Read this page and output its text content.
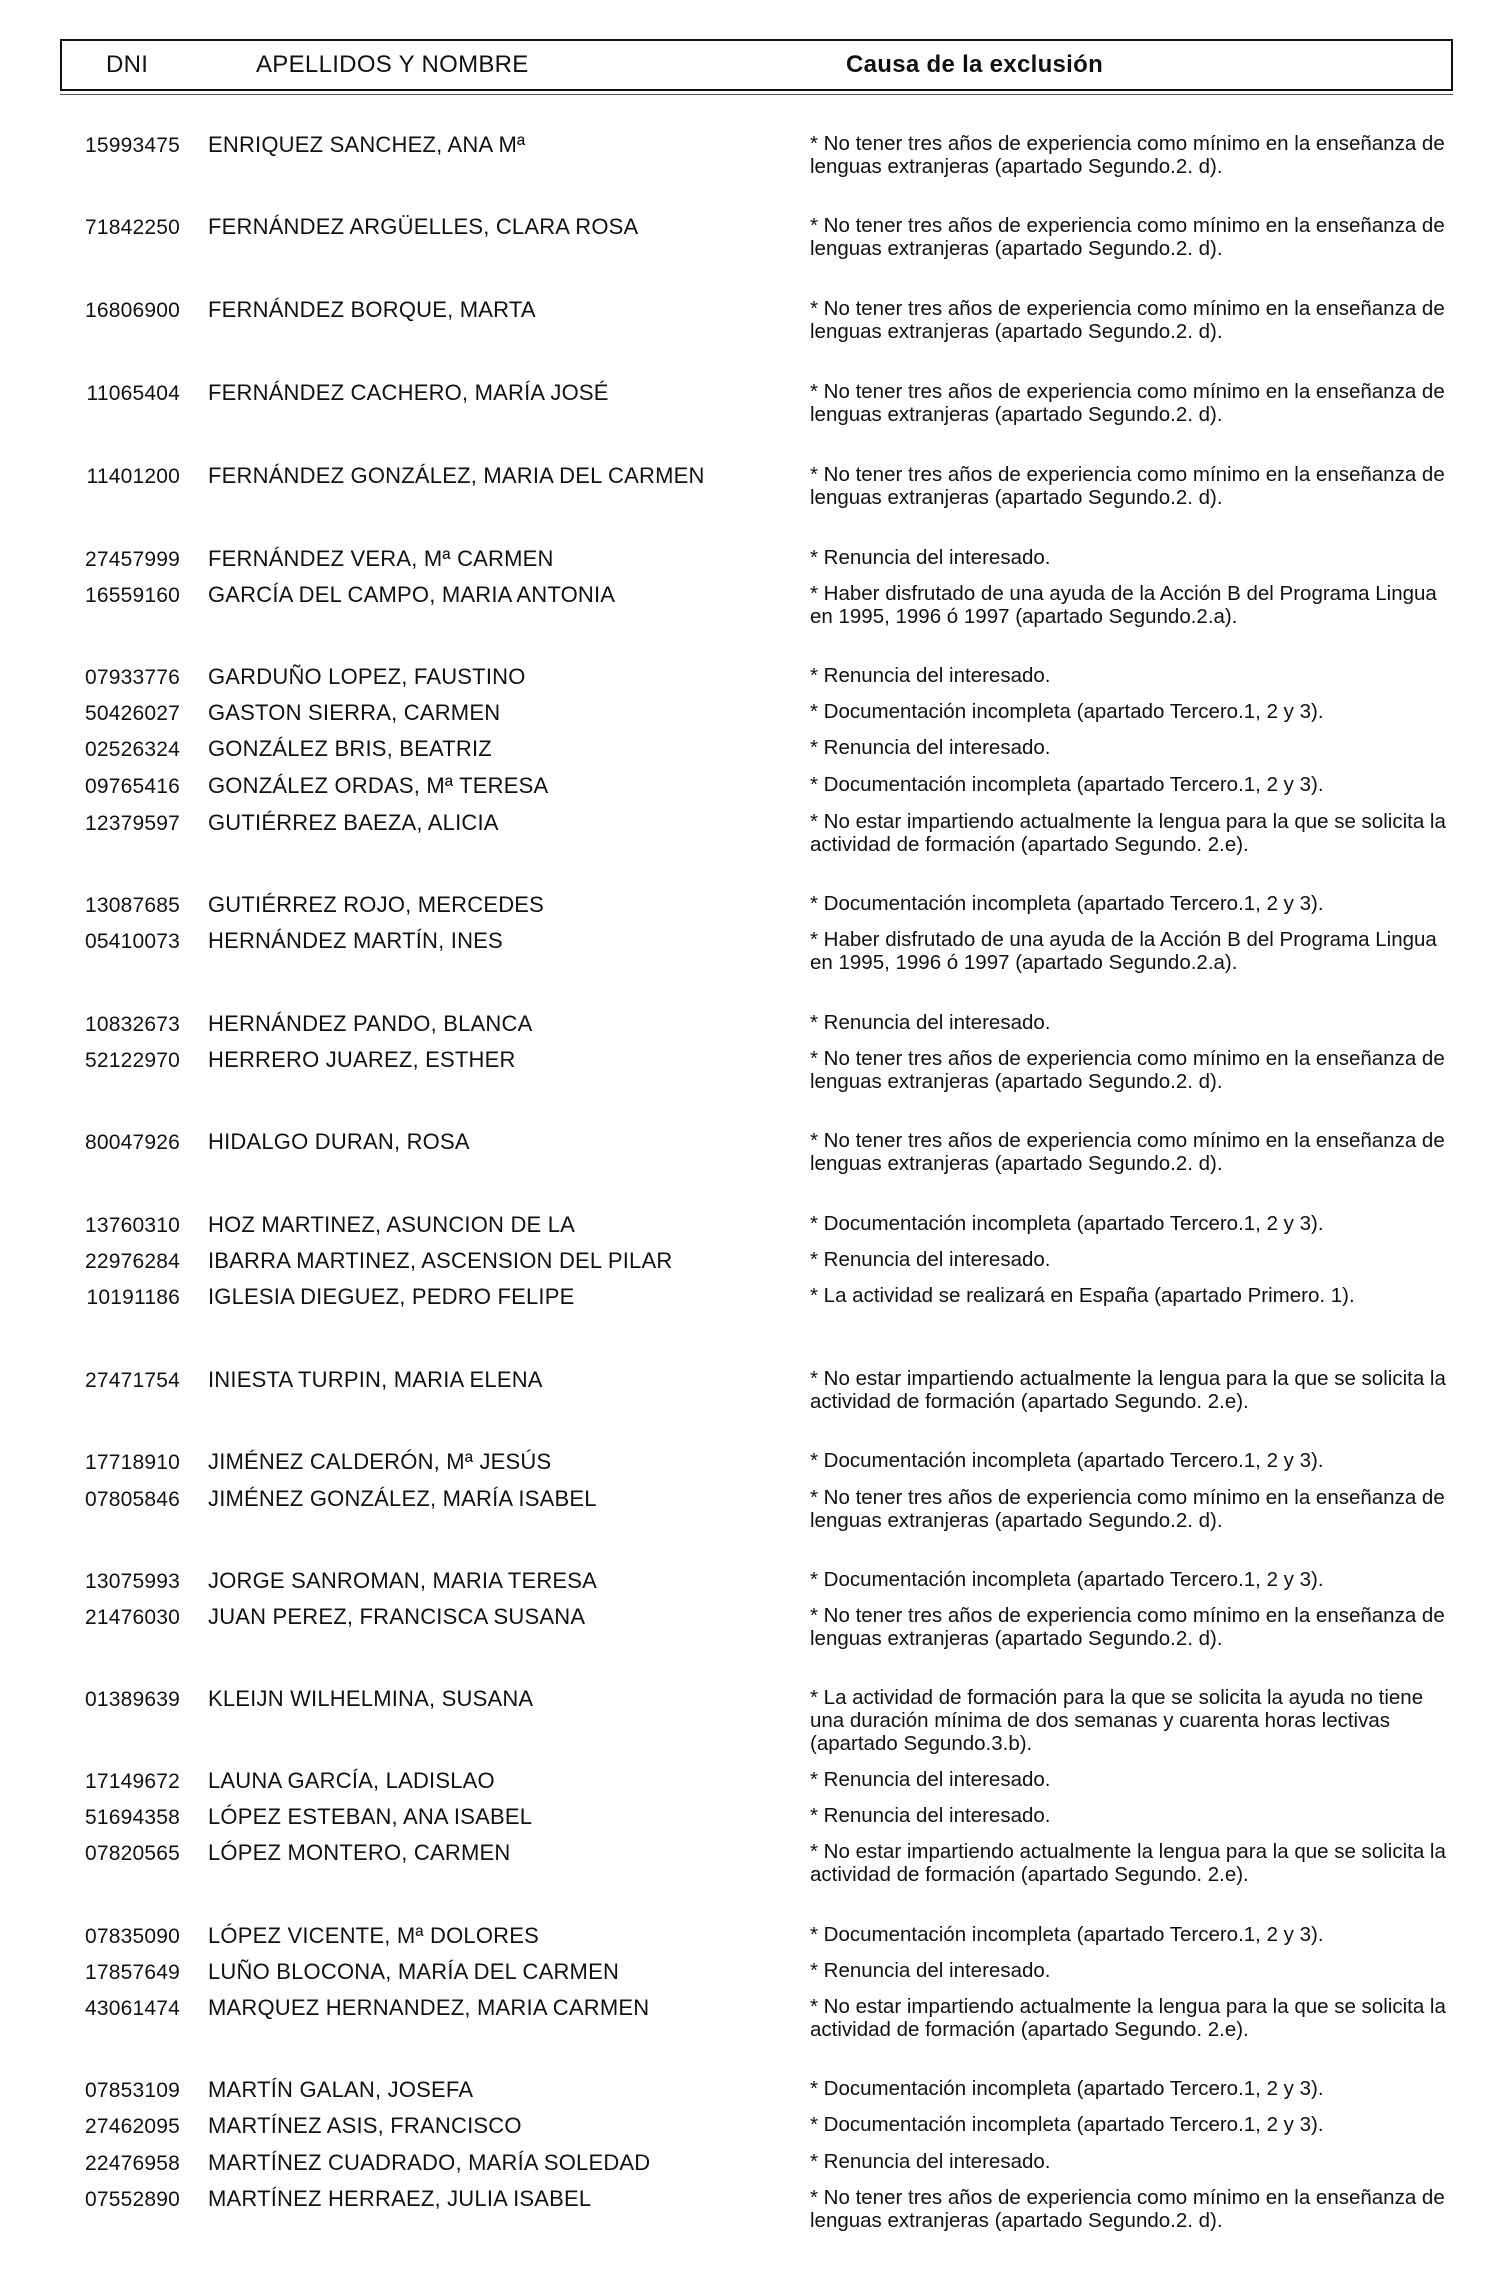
DNI	APELLIDOS Y NOMBRE	Causa de la exclusión
15993475 ENRIQUEZ SANCHEZ, ANA Mª	* No tener tres años de experiencia como mínimo en la enseñanza de lenguas extranjeras (apartado Segundo.2. d).
71842250 FERNÁNDEZ ARGÜELLES, CLARA ROSA	* No tener tres años de experiencia como mínimo en la enseñanza de lenguas extranjeras (apartado Segundo.2. d).
16806900 FERNÁNDEZ BORQUE, MARTA	* No tener tres años de experiencia como mínimo en la enseñanza de lenguas extranjeras (apartado Segundo.2. d).
11065404 FERNÁNDEZ CACHERO, MARÍA JOSÉ	* No tener tres años de experiencia como mínimo en la enseñanza de lenguas extranjeras (apartado Segundo.2. d).
11401200 FERNÁNDEZ GONZÁLEZ, MARIA DEL CARMEN	* No tener tres años de experiencia como mínimo en la enseñanza de lenguas extranjeras (apartado Segundo.2. d).
27457999 FERNÁNDEZ VERA, Mª CARMEN	* Renuncia del interesado.
16559160 GARCÍA DEL CAMPO, MARIA ANTONIA	* Haber disfrutado de una ayuda de la Acción B del Programa Lingua en 1995, 1996 ó 1997 (apartado Segundo.2.a).
07933776 GARDUÑO LOPEZ, FAUSTINO	* Renuncia del interesado.
50426027 GASTON SIERRA, CARMEN	* Documentación incompleta (apartado Tercero.1, 2 y 3).
02526324 GONZÁLEZ BRIS, BEATRIZ	* Renuncia del interesado.
09765416 GONZÁLEZ ORDAS, Mª TERESA	* Documentación incompleta (apartado Tercero.1, 2 y 3).
12379597 GUTIÉRREZ BAEZA, ALICIA	* No estar impartiendo actualmente la lengua para la que se solicita la actividad de formación (apartado Segundo. 2.e).
13087685 GUTIÉRREZ ROJO, MERCEDES	* Documentación incompleta (apartado Tercero.1, 2 y 3).
05410073 HERNÁNDEZ MARTÍN, INES	* Haber disfrutado de una ayuda de la Acción B del Programa Lingua en 1995, 1996 ó 1997 (apartado Segundo.2.a).
10832673 HERNÁNDEZ PANDO, BLANCA	* Renuncia del interesado.
52122970 HERRERO JUAREZ, ESTHER	* No tener tres años de experiencia como mínimo en la enseñanza de lenguas extranjeras (apartado Segundo.2. d).
80047926 HIDALGO DURAN, ROSA	* No tener tres años de experiencia como mínimo en la enseñanza de lenguas extranjeras (apartado Segundo.2. d).
13760310 HOZ MARTINEZ, ASUNCION DE LA	* Documentación incompleta (apartado Tercero.1, 2 y 3).
22976284 IBARRA MARTINEZ, ASCENSION DEL PILAR	* Renuncia del interesado.
10191186 IGLESIA DIEGUEZ, PEDRO FELIPE	* La actividad se realizará en España (apartado Primero. 1).
27471754 INIESTA TURPIN, MARIA ELENA	* No estar impartiendo actualmente la lengua para la que se solicita la actividad de formación (apartado Segundo. 2.e).
17718910 JIMÉNEZ CALDERÓN, Mª JESÚS	* Documentación incompleta (apartado Tercero.1, 2 y 3).
07805846 JIMÉNEZ GONZÁLEZ, MARÍA ISABEL	* No tener tres años de experiencia como mínimo en la enseñanza de lenguas extranjeras (apartado Segundo.2. d).
13075993 JORGE SANROMAN, MARIA TERESA	* Documentación incompleta (apartado Tercero.1, 2 y 3).
21476030 JUAN PEREZ, FRANCISCA SUSANA	* No tener tres años de experiencia como mínimo en la enseñanza de lenguas extranjeras (apartado Segundo.2. d).
01389639 KLEIJN WILHELMINA, SUSANA	* La actividad de formación para la que se solicita la ayuda no tiene una duración mínima de dos semanas y cuarenta horas lectivas (apartado Segundo.3.b).
17149672 LAUNA GARCÍA, LADISLAO	* Renuncia del interesado.
51694358 LÓPEZ ESTEBAN, ANA ISABEL	* Renuncia del interesado.
07820565 LÓPEZ MONTERO, CARMEN	* No estar impartiendo actualmente la lengua para la que se solicita la actividad de formación (apartado Segundo. 2.e).
07835090 LÓPEZ VICENTE, Mª DOLORES	* Documentación incompleta (apartado Tercero.1, 2 y 3).
17857649 LUÑO BLOCONA, MARÍA DEL CARMEN	* Renuncia del interesado.
43061474 MARQUEZ HERNANDEZ, MARIA CARMEN	* No estar impartiendo actualmente la lengua para la que se solicita la actividad de formación (apartado Segundo. 2.e).
07853109 MARTÍN GALAN, JOSEFA	* Documentación incompleta (apartado Tercero.1, 2 y 3).
27462095 MARTÍNEZ ASIS, FRANCISCO	* Documentación incompleta (apartado Tercero.1, 2 y 3).
22476958 MARTÍNEZ CUADRADO, MARÍA SOLEDAD	* Renuncia del interesado.
07552890 MARTÍNEZ HERRAEZ, JULIA ISABEL	* No tener tres años de experiencia como mínimo en la enseñanza de lenguas extranjeras (apartado Segundo.2. d).
